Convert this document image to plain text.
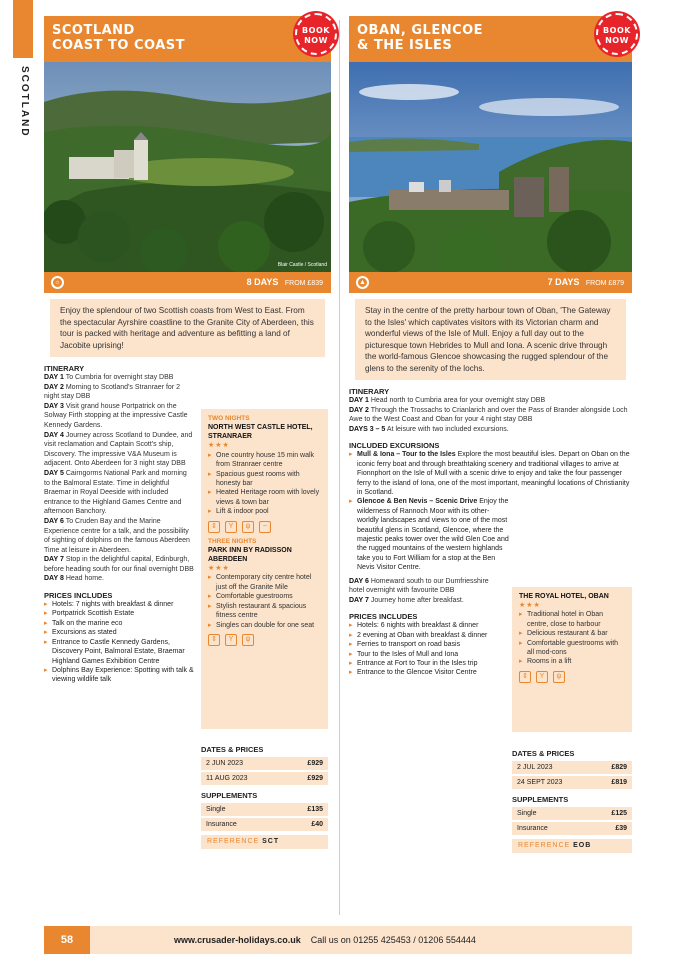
SCOTLAND
SCOTLAND
COAST TO COAST
BOOK NOW
Blair Castle / Scotland
☼	8 DAYS FROM £839
Enjoy the splendour of two Scottish coasts from West to East. From the spectacular Ayrshire coastline to the Granite City of Aberdeen, this tour is packed with heritage and adventure as befitting a land of Jacobite uprising!
ITINERARY

DAY 1 To Cumbria for overnight stay DBB

DAY 2 Morning to Scotland's Stranraer for 2 night stay DBB

DAY 3 Visit grand house Portpatrick on the Solway Firth stopping at the impressive Castle Kennedy Gardens.

DAY 4 Journey across Scotland to Dundee, and visit reclamation and Captain Scott's ship, Discovery. The impressive V&A Museum is adjacent. Onto Aberdeen for 3 night stay DBB

DAY 5 Cairngorms National Park and morning to the Balmoral Estate. Time in delightful Braemar in Royal Deeside with included entrance to the Highland Games Centre and afternoon Banchory.

DAY 6 To Cruden Bay and the Marine Experience centre for a talk, and the possibility of sighting of dolphins on the famous Aberdeen Time at leisure in Aberdeen.

DAY 7 Stop in the delightful capital, Edinburgh, before heading south for our final overnight DBB

DAY 8 Head home.

PRICES INCLUDES
▸ Hotels: 7 nights with breakfast & dinner
▸ Portpatrick Scottish Estate
▸ Talk on the marine eco
▸ Excursions as stated
▸ Entrance to Castle Kennedy Gardens, Discovery Point, Balmoral Estate, Braemar Highland Games Exhibition Centre
▸ Dolphins Bay Experience: Spotting with talk & viewing wildlife talk
TWO NIGHTS
NORTH WEST CASTLE HOTEL, STRANRAER
★★★
▸ One country house 15 min walk from Stranraer centre
▸ Spacious guest rooms with honesty bar
▸ Heated Heritage room with lovely views & town bar
▸ Lift & indoor pool
⇕	Y	ψ	~
THREE NIGHTS
PARK INN BY RADISSON ABERDEEN
★★★
▸ Contemporary city centre hotel just off the Granite Mile
▸ Comfortable guestrooms
▸ Stylish restaurant & spacious fitness centre
▸ Singles can double for one seat
⇕	Y	ψ
DATES & PRICES
2 JUN 2023	£929
11 AUG 2023	£929
SUPPLEMENTS
Single	£135
Insurance	£40
REFERENCE SCT
OBAN, GLENCOE
& THE ISLES
BOOK NOW
▲	7 DAYS FROM £879
Stay in the centre of the pretty harbour town of Oban, 'The Gateway to the Isles' which captivates visitors with its Victorian charm and wonderful views of the Isle of Mull. Enjoy a full day out to the picturesque town Hebrides to Mull and Iona. A scenic drive through the world-famous Glencoe showcasing the rugged splendour of the glens to the serenity of the lochs.
ITINERARY

DAY 1 Head north to Cumbria area for your overnight stay DBB

DAY 2 Through the Trossachs to Crianlarich and over the Pass of Brander alongside Loch Awe to the West Coast and Oban for your 4 night stay DBB

DAYS 3 – 5 At leisure with two included excursions.

INCLUDED EXCURSIONS
▸ Mull & Iona – Tour to the Isles Explore the most beautiful isles. Depart on Oban on the iconic ferry boat and through breathtaking scenery and traditional villages to arrive at Fionnphort on the Isle of Mull with a scenic drive to enjoy and take the four passenger ferry to the island of Iona, one of the most important, meaningful locations of Christianity in Scotland.
▸ Glencoe & Ben Nevis – Scenic Drive Enjoy the wilderness of Rannoch Moor with its other-worldly landscapes and views to one of the most beautiful glens in Scotland, Glencoe, where the majestic peaks tower over the wild Glen Coe and the rugged mountains of the western highlands take you to Fort William for a stop at the Ben Nevis Visitor Centre.

DAY 6 Homeward south to our Dumfriesshire hotel overnight with favourite DBB

DAY 7 Journey home after breakfast.

PRICES INCLUDES
▸ Hotels: 6 nights with breakfast & dinner
▸ 2 evening at Oban with breakfast & dinner
▸ Ferries to transport on road basis
▸ Tour to the Isles of Mull and Iona
▸ Entrance at Fort to Tour in the Isles trip
▸ Entrance to the Glencoe Visitor Centre
THE ROYAL HOTEL, OBAN
★★★
▸ Traditional hotel in Oban centre, close to harbour
▸ Delicious restaurant & bar
▸ Comfortable guestrooms with all mod-cons
▸ Rooms in a lift
⇕	Y	ψ
DATES & PRICES
2 JUL 2023	£829
24 SEPT 2023	£819
SUPPLEMENTS
Single	£125
Insurance	£39
REFERENCE EOB
58	www.crusader-holidays.co.uk Call us on 01255 425453 / 01206 554444
